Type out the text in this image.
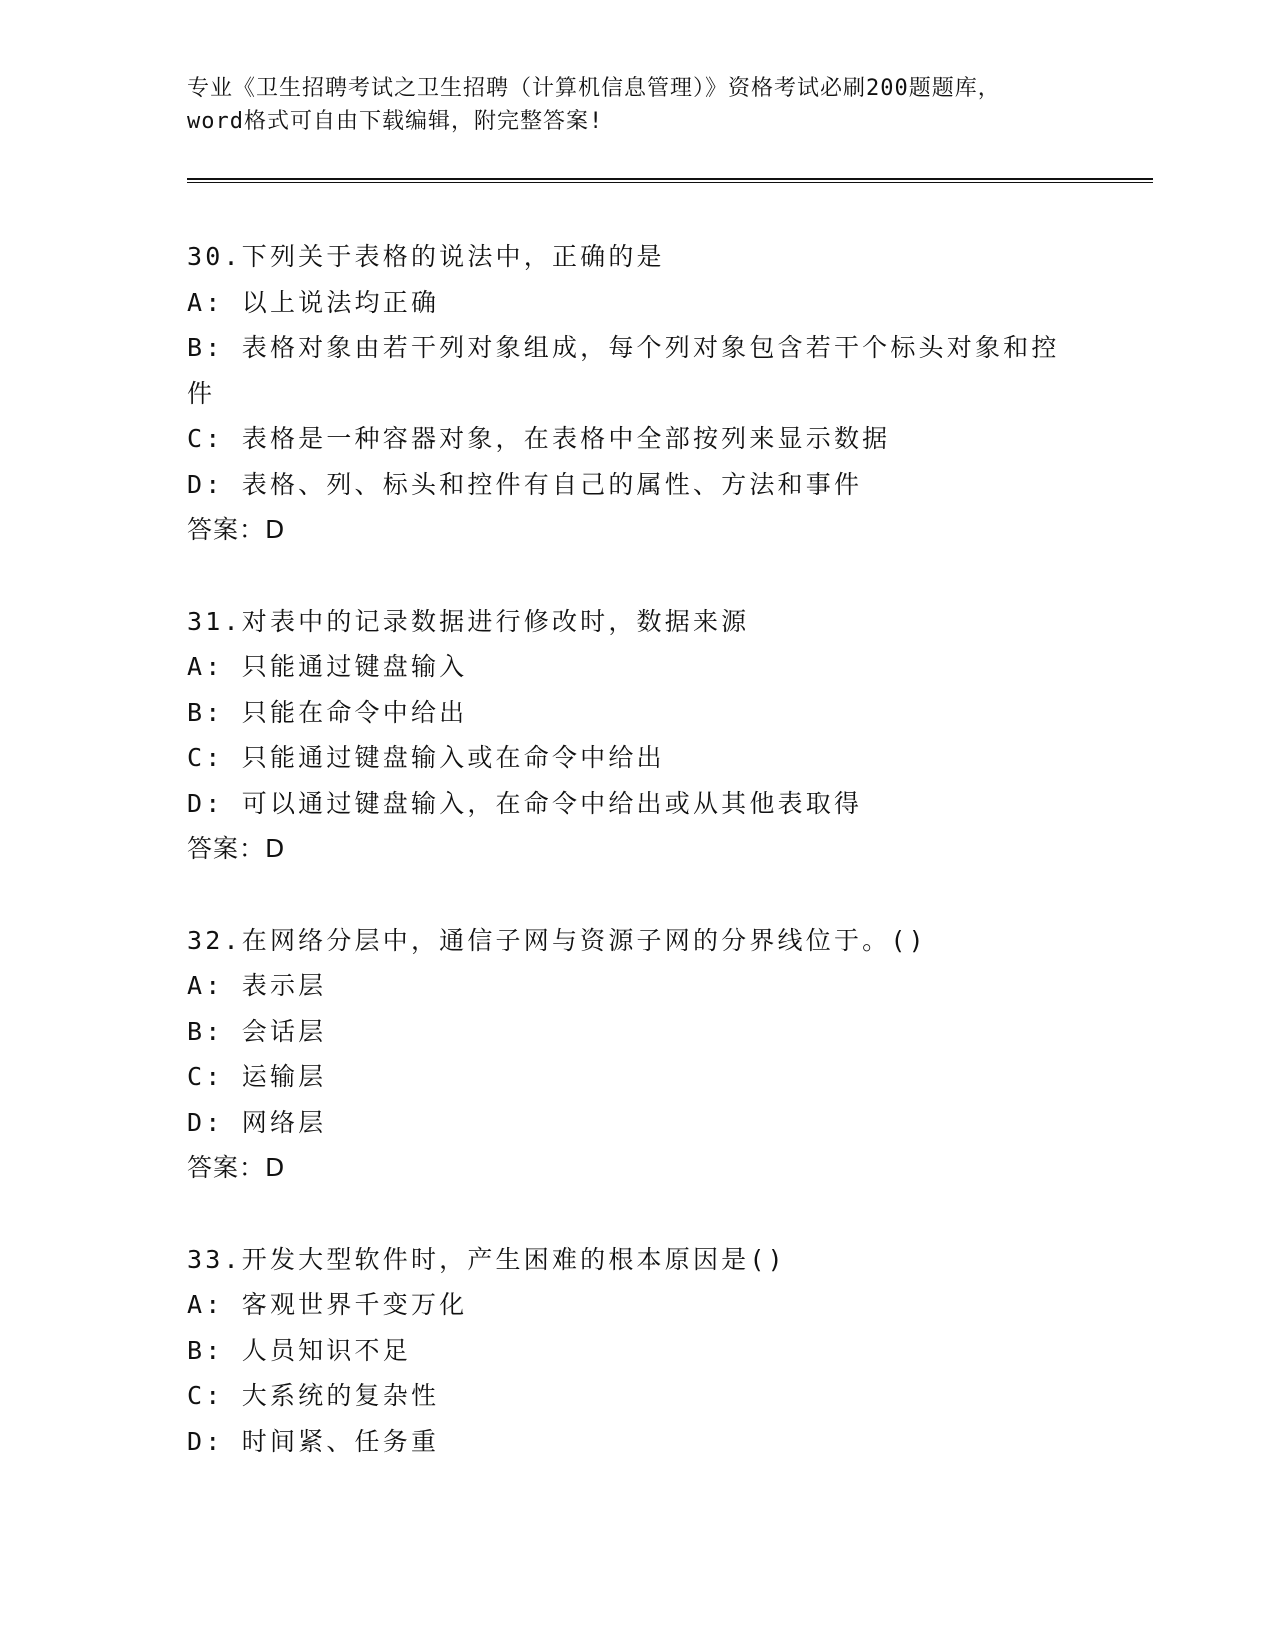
专业《卫生招聘考试之卫生招聘（计算机信息管理）》资格考试必刷200题题库，
word格式可自由下载编辑，附完整答案!
30.下列关于表格的说法中，正确的是
A: 以上说法均正确
B: 表格对象由若干列对象组成，每个列对象包含若干个标头对象和控件
C: 表格是一种容器对象，在表格中全部按列来显示数据
D: 表格、列、标头和控件有自己的属性、方法和事件
答案：D
31.对表中的记录数据进行修改时，数据来源
A: 只能通过键盘输入
B: 只能在命令中给出
C: 只能通过键盘输入或在命令中给出
D: 可以通过键盘输入，在命令中给出或从其他表取得
答案：D
32.在网络分层中，通信子网与资源子网的分界线位于。()
A: 表示层
B: 会话层
C: 运输层
D: 网络层
答案：D
33.开发大型软件时，产生困难的根本原因是()
A: 客观世界千变万化
B: 人员知识不足
C: 大系统的复杂性
D: 时间紧、任务重
